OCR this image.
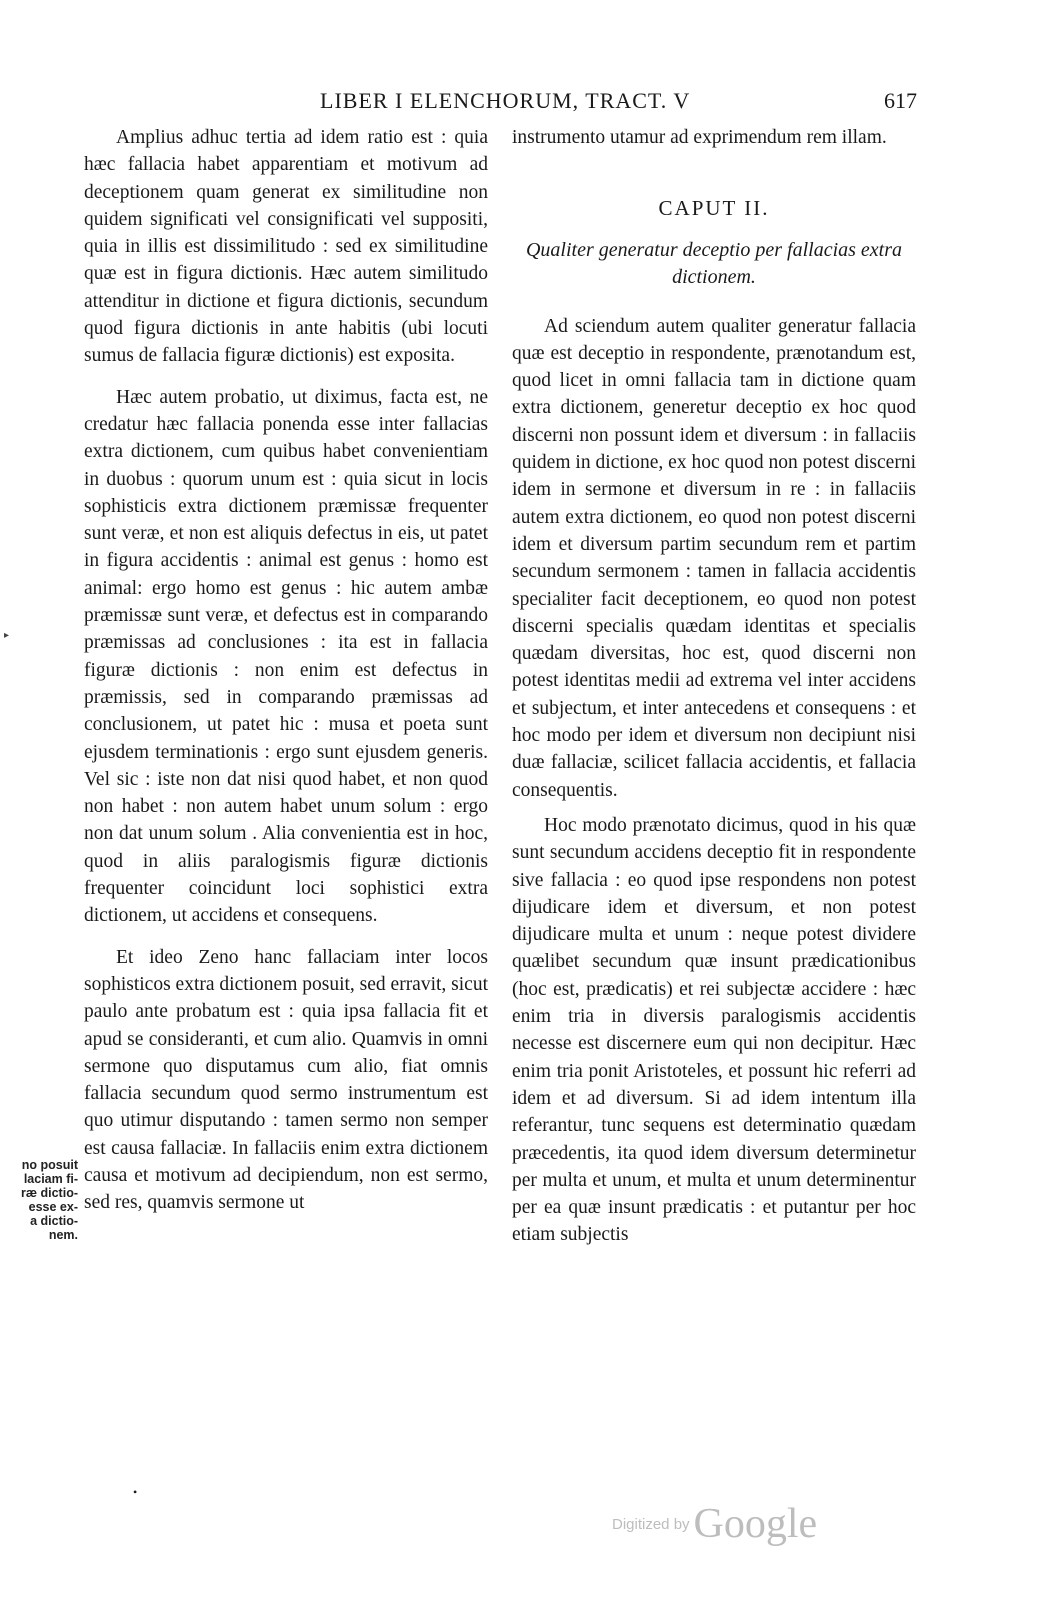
LIBER I ELENCHORUM, TRACT. V	617
▸
no posuit
laciam fi-
ræ dictio-
esse ex-
a dictio-
nem.

Amplius adhuc tertia ad idem ratio est : quia hæc fallacia habet apparentiam et motivum ad deceptionem quam generat ex similitudine non quidem significati vel consignificati vel suppositi, quia in illis est dissimilitudo : sed ex similitudine quæ est in figura dictionis. Hæc autem similitudo attenditur in dictione et figura dictionis, secundum quod figura dictionis in ante habitis (ubi locuti sumus de fallacia figuræ dictionis) est exposita.

Hæc autem probatio, ut diximus, facta est, ne credatur hæc fallacia ponenda esse inter fallacias extra dictionem, cum quibus habet convenientiam in duobus : quorum unum est : quia sicut in locis sophisticis extra dictionem præmissæ frequenter sunt veræ, et non est aliquis defectus in eis, ut patet in figura accidentis : animal est genus : homo est animal: ergo homo est genus : hic autem ambæ præmissæ sunt veræ, et defectus est in comparando præmissas ad conclusiones : ita est in fallacia figuræ dictionis : non enim est defectus in præmissis, sed in comparando præmissas ad conclusionem, ut patet hic : musa et poeta sunt ejusdem terminationis : ergo sunt ejusdem generis. Vel sic : iste non dat nisi quod habet, et non quod non habet : non autem habet unum solum : ergo non dat unum solum . Alia convenientia est in hoc, quod in aliis paralogismis figuræ dictionis frequenter coincidunt loci sophistici extra dictionem, ut accidens et consequens.

Et ideo Zeno hanc fallaciam inter locos sophisticos extra dictionem posuit, sed erravit, sicut paulo ante probatum est : quia ipsa fallacia fit et apud se consideranti, et cum alio. Quamvis in omni sermone quo disputamus cum alio, fiat omnis fallacia secundum quod sermo instrumentum est quo utimur disputando : tamen sermo non semper est causa fallaciæ. In fallaciis enim extra dictionem causa et motivum ad decipiendum, non est sermo, sed res, quamvis sermone ut

instrumento utamur ad exprimendum rem illam.

CAPUT II.
Qualiter generatur deceptio per fallacias extra dictionem.

Ad sciendum autem qualiter generatur fallacia quæ est deceptio in respondente, prænotandum est, quod licet in omni fallacia tam in dictione quam extra dictionem, generetur deceptio ex hoc quod discerni non possunt idem et diversum : in fallaciis quidem in dictione, ex hoc quod non potest discerni idem in sermone et diversum in re : in fallaciis autem extra dictionem, eo quod non potest discerni idem et diversum partim secundum rem et partim secundum sermonem : tamen in fallacia accidentis specialiter facit deceptionem, eo quod non potest discerni specialis quædam identitas et specialis quædam diversitas, hoc est, quod discerni non potest identitas medii ad extrema vel inter accidens et subjectum, et inter antecedens et consequens : et hoc modo per idem et diversum non decipiunt nisi duæ fallaciæ, scilicet fallacia accidentis, et fallacia consequentis.

Hoc modo prænotato dicimus, quod in his quæ sunt secundum accidens deceptio fit in respondente sive fallacia : eo quod ipse respondens non potest dijudicare idem et diversum, et non potest dijudicare multa et unum : neque potest dividere quælibet secundum quæ insunt prædicationibus (hoc est, prædicatis) et rei subjectæ accidere : hæc enim tria in diversis paralogismis accidentis necesse est discernere eum qui non decipitur. Hæc enim tria ponit Aristoteles, et possunt hic referri ad idem et ad diversum. Si ad idem intentum illa referantur, tunc sequens est determinatio quædam præcedentis, ita quod idem diversum determinetur per multa et unum, et multa et unum determinentur per ea quæ insunt prædicatis : et putantur per hoc etiam subjectis

•
Digitized byGoogle
